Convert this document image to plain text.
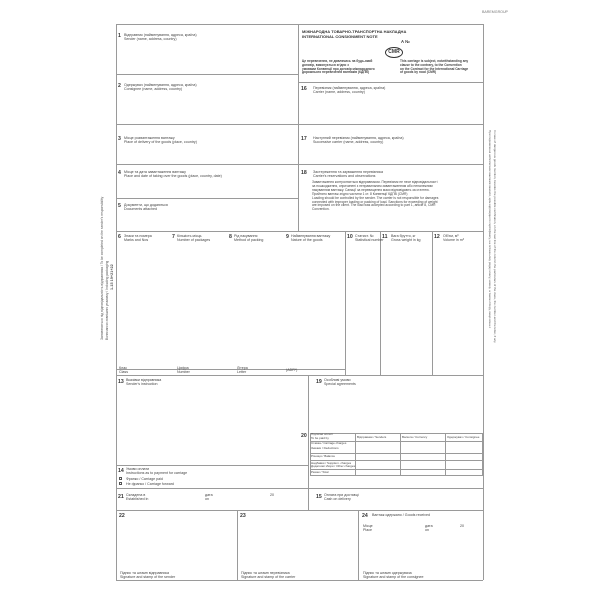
BAREMGROUP
1 Відправник (найменування, адреса, країна)
Sender (name, address, country)
МІЖНАРОДНА ТОВАРНО-ТРАНСПОРТНА НАКЛАДНА
INTERNATIONAL CONSIGNMENT NOTE
A №
CMR
Це перевезення, не дивлячись на будь-який
договір, виконується згідно з
умовами Конвенції про договір міжнародного
дорожнього перевезення вантажів (КДПВ)
This carriage is subject, notwithstanding any
clause to the contrary, to the Convention
on the Contract for the International Carriage
of goods by road (CMR)
2 Одержувач (найменування, адреса, країна)
Consignee (name, address, country)	16 Перевізник (найменування, адреса, країна)
Carrier (name, address, country)
3 Місце розвантаження вантажу
Place of delivery of the goods (place, country)	17 Наступний перевізник (найменування, адреса, країна)
Successive carrier (name, address, country)
4 Місце та дата завантаження вантажу
Place and date of taking over the goods (place, country, date)	18 Застереження та зауваження перевізника
Carrier's reservations and observations
Завантаження контролюється відправником. Перевізник не несе відповідальності
за пошкодження, спричинені з неправильним завантаженням або неналежним
пакуванням вантажу. Санкції за перевищення маси відповідають за статтею.
Прийнято вантаж згідно частини 1 ст. 8 Конвенції КДПВ (CMR)
Loading should be controlled by the sender. The carrier is not responsible for damages
connected with improper loading or packing of load. Sanctions for exceeding of weight
are imposed on the client. The load was accepted according to part 1, article 8, CMR
Convention.
5 Документи, що додаються
Documents attached
6 Знаки та номера
Marks and Nos	7 Кількість місць
Number of packages	8 Рід пакування
Method of packing	9 Найменування вантажу
Nature of the goods	10 Статист. №
Statistical number
11 Вага брутто, кг
Gross weight in kg	12 Об'єм, м³
Volume in m³
Клас
Class
Цифра
Number
Літера
Letter	(ADR*)
13 Вказівки відправника
Sender's instruction	19 Особливі умови
Special agreements
20 Підлягає оплаті
To be paid by	Відправник / Senders	Валюта / Currency	Одержувач / Consignee
Ставка / Carriage charges
Знижки / Deductions
Різниця / Balance
Надбавки / Supplem. charges
Додаткові збори / Other charges
Разом / Total
14 Умови оплати
Instructions as to payment for carriage
Франко / Carriage paid
Не франко / Carriage forward
21 Складена в
Established in
дата
on
20	15 Оплата при доставці
Cash on delivery
22
Підпис та штамп відправника
Signature and stamp of the sender
23
Підпис та штамп перевізника
Signature and stamp of the carrier
24 Вантаж одержано / Goods received
Місце
Place
дата
on
20
Підпис та штамп одержувача
Signature and stamp of the consignee
Заповнюється під відповідальність відправника / To be completed on the sender's responsibility Включаючи зовнішню упаковку / Including packaging 1-15 19+21+22	При перевезенні небезпечних вантажів вказати, крім відповідного сертифікату, на останньому рядку класу, номер, а також літеру, якщо вона є In case of dangerous goods mention, besides the possible certification, on the last line of the column the particulars of the class, the number and the letter, if any
